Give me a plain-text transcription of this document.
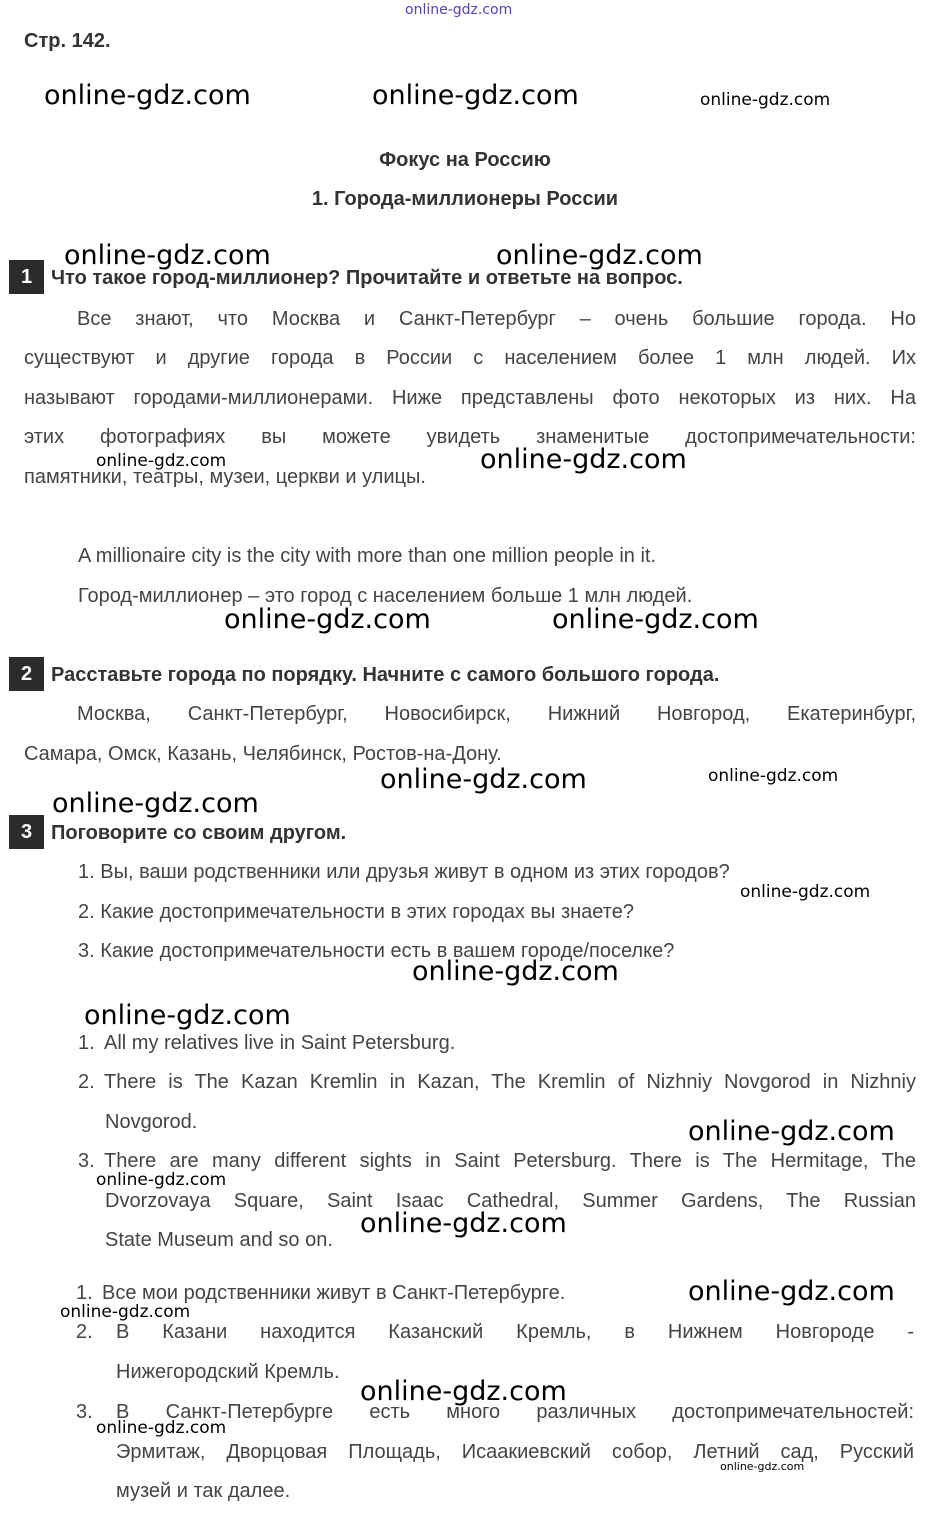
online-gdz.com
Стр. 142.
online-gdz.com	online-gdz.com	online-gdz.com
Фокус на Россию
1. Города-миллионеры России
online-gdz.com	online-gdz.com
1 Что такое город-миллионер? Прочитайте и ответьте на вопрос.
Все знают, что Москва и Санкт-Петербург – очень большие города. Но
существуют и другие города в России с населением более 1 млн людей. Их
называют городами-миллионерами. Ниже представлены фото некоторых из них. На
этих фотографиях вы можете увидеть знаменитые достопримечательности:
памятники, театры, музеи, церкви и улицы.
online-gdz.com	online-gdz.com
A millionaire city is the city with more than one million people in it.
Город-миллионер – это город с населением больше 1 млн людей.
online-gdz.com	online-gdz.com
2 Расставьте города по порядку. Начните с самого большого города.
Москва, Санкт-Петербург, Новосибирск, Нижний Новгород, Екатеринбург,
Самара, Омск, Казань, Челябинск, Ростов-на-Дону.
online-gdz.com	online-gdz.com
online-gdz.com
3 Поговорите со своим другом.
1. Вы, ваши родственники или друзья живут в одном из этих городов?
online-gdz.com
2. Какие достопримечательности в этих городах вы знаете?
3. Какие достопримечательности есть в вашем городе/поселке?
online-gdz.com
online-gdz.com
1. All my relatives live in Saint Petersburg.
2. There is The Kazan Kremlin in Kazan, The Kremlin of Nizhniy Novgorod in Nizhniy
Novgorod.	online-gdz.com
3. There are many different sights in Saint Petersburg. There is The Hermitage, The
Dvorzovaya Square, Saint Isaac Cathedral, Summer Gardens, The Russian
State Museum and so on.
online-gdz.com
online-gdz.com
1. Все мои родственники живут в Санкт-Петербурге.	online-gdz.com
online-gdz.com
2. В Казани находится Казанский Кремль, в Нижнем Новгороде -
Нижегородский Кремль.
online-gdz.com
3. В Санкт-Петербурге есть много различных достопримечательностей:
Эрмитаж, Дворцовая Площадь, Исаакиевский собор, Летний сад, Русский
музей и так далее.
online-gdz.com
online-gdz.com
